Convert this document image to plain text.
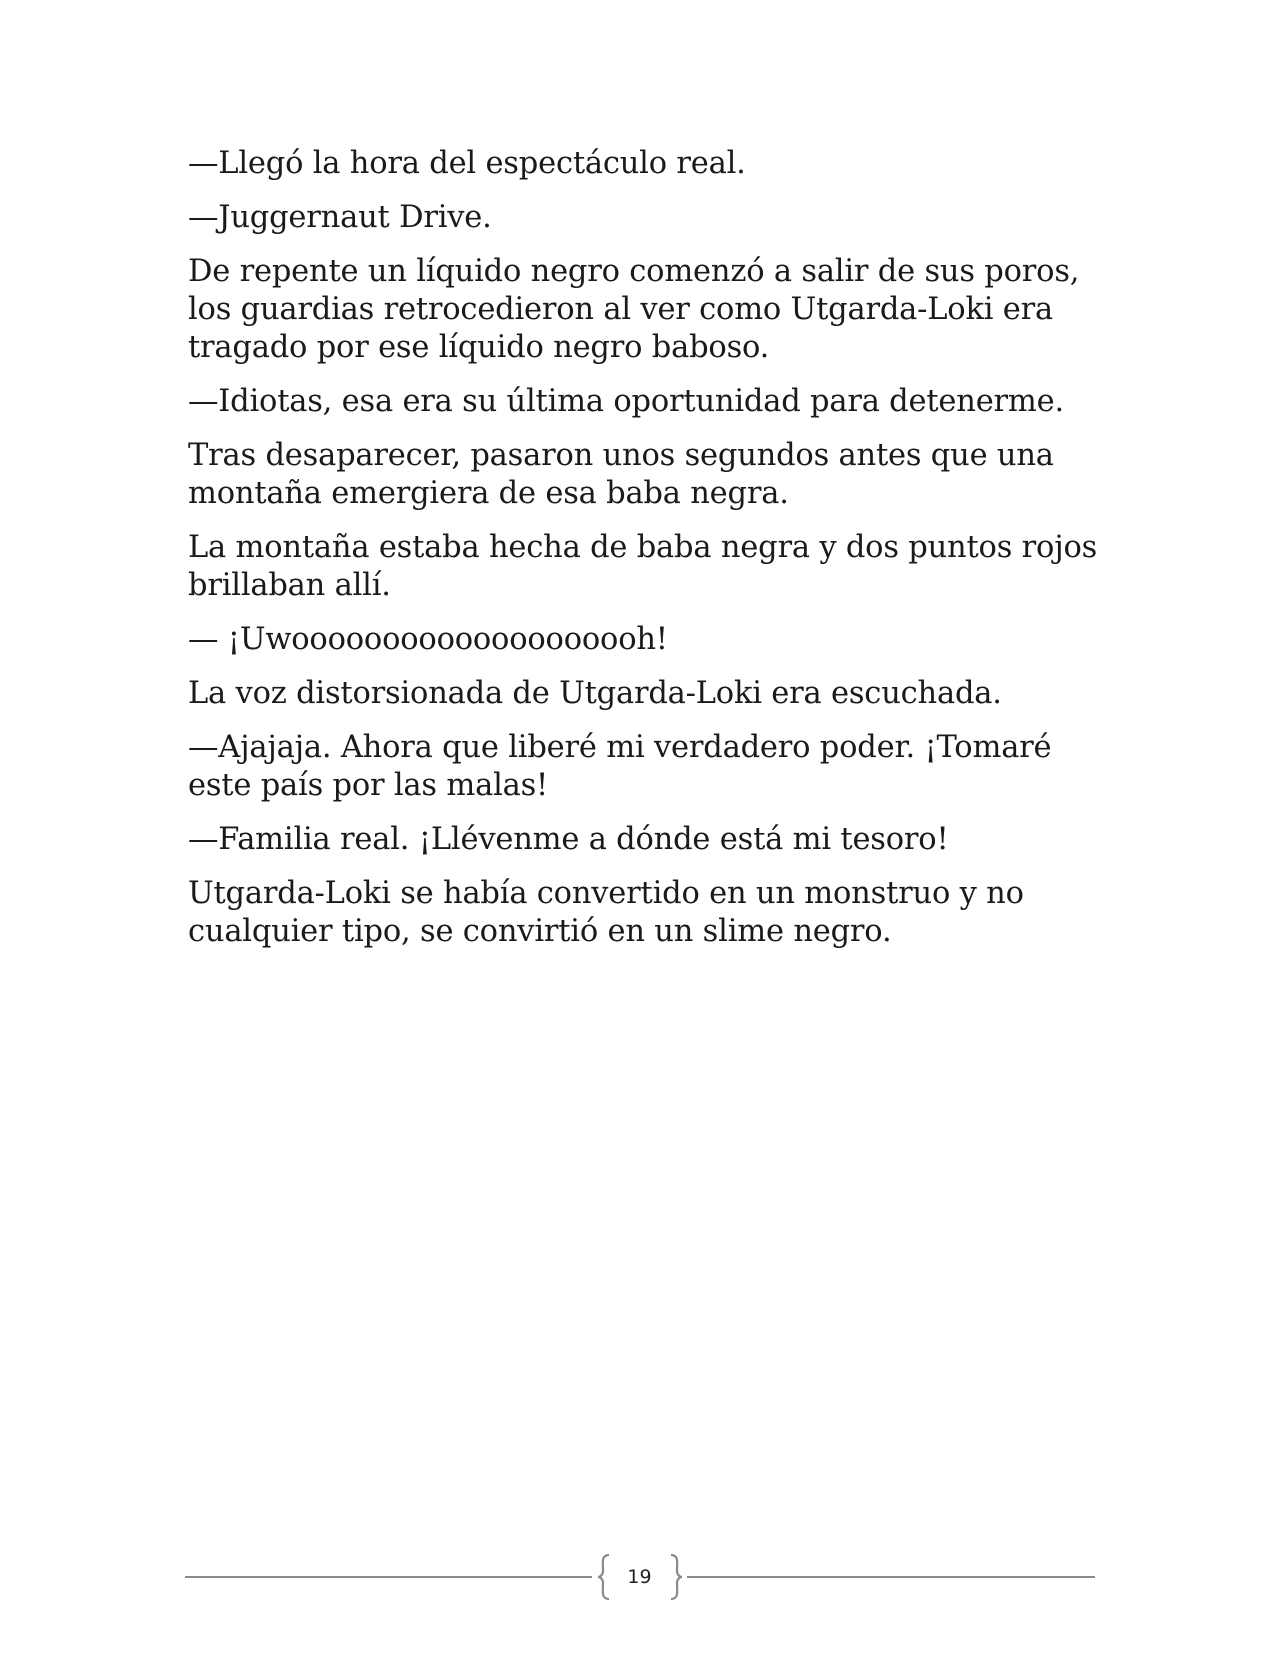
—Llegó la hora del espectáculo real.

—Juggernaut Drive.

De repente un líquido negro comenzó a salir de sus poros, los guardias retrocedieron al ver como Utgarda-Loki era tragado por ese líquido negro baboso.

—Idiotas, esa era su última oportunidad para detenerme.

Tras desaparecer, pasaron unos segundos antes que una montaña emergiera de esa baba negra.

La montaña estaba hecha de baba negra y dos puntos rojos brillaban allí.

— ¡Uwoooooooooooooooooooh!

La voz distorsionada de Utgarda-Loki era escuchada.

—Ajajaja. Ahora que liberé mi verdadero poder. ¡Tomaré este país por las malas!

—Familia real. ¡Llévenme a dónde está mi tesoro!

Utgarda-Loki se había convertido en un monstruo y no cualquier tipo, se convirtió en un slime negro.

19
